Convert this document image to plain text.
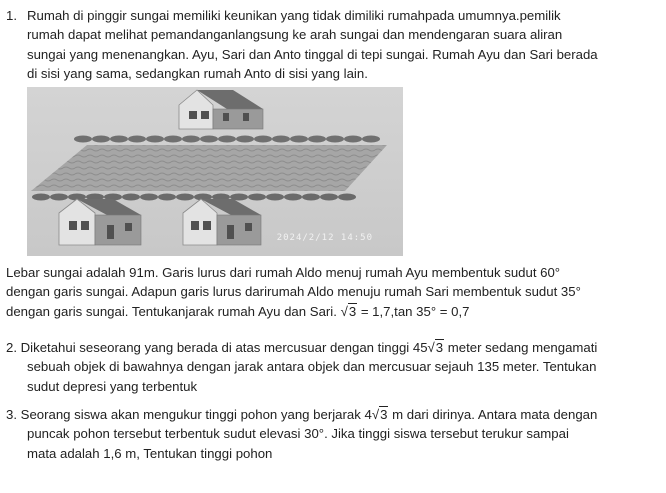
1. Rumah di pinggir sungai memiliki keunikan yang tidak dimiliki rumahpada umumnya.pemilik
rumah dapat melihat pemandanganlangsung ke arah sungai dan mendengaran suara aliran
sungai yang menenangkan. Ayu, Sari dan Anto tinggal di tepi sungai. Rumah Ayu dan Sari berada
di sisi yang sama, sedangkan rumah Anto di sisi yang lain.
2024/2/12 14:50
Lebar sungai adalah 91m. Garis lurus dari rumah Aldo menuj rumah Ayu membentuk sudut 60°
dengan garis sungai. Adapun garis lurus darirumah Aldo menuju rumah Sari membentuk sudut 35°
dengan garis sungai. Tentukanjarak rumah Ayu dan Sari. √3 = 1,7,tan 35° = 0,7
2. Diketahui seseorang yang berada di atas mercusuar dengan tinggi 45√3 meter sedang mengamati
sebuah objek di bawahnya dengan jarak antara objek dan mercusuar sejauh 135 meter. Tentukan
sudut depresi yang terbentuk
3. Seorang siswa akan mengukur tinggi pohon yang berjarak 4√3 m dari dirinya. Antara mata dengan
puncak pohon tersebut terbentuk sudut elevasi 30°. Jika tinggi siswa tersebut terukur sampai
mata adalah 1,6 m, Tentukan tinggi pohon
